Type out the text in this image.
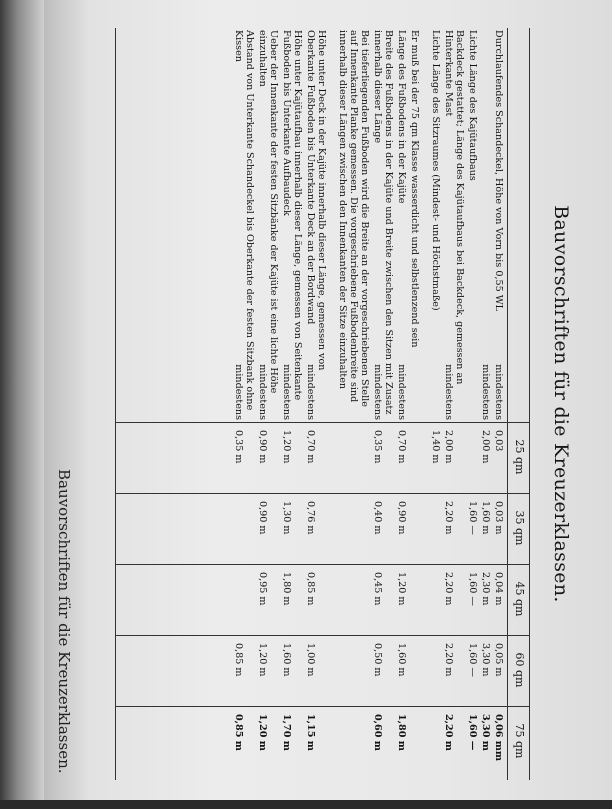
Bauvorschriften für die Kreuzerklassen.
Bauvorschriften für die Kreuzerklassen.
25 qm
35 qm
45 qm
60 qm
75 qm
Durchlaufendes Schandeckel, Höhe von Vorn bis 0,55 WL
mindestens
0,03
0,03 m
0,04 m
0,05 m
0,06 mm
mindestens
2,00 m
1,60 m
2,30 m
3,30 m
3,30 m
Lichte Länge des Kajütaufbaus
1,60 —
1,60 —
1,60 —
1,60 —
Backdeck gestattet; Länge des Kajütaufbaus bei Backdeck, gemessen an Hinterkante Mast
mindestens
2,00 m
2,20 m
2,20 m
2,20 m
2,20 m
Lichte Länge des Sitzraumes (Mindest- und Höchstmaße)
1,40 m
Er muß bei der 75 qm Klasse wasserdicht und selbstlenzend sein
Länge des Fußbodens in der Kajüte
mindestens
0,70 m
0,90 m
1,20 m
1,60 m
1,80 m
Breite des Fußbodens in der Kajüte und Breite zwischen den Sitzen mit Zusatz innerhalb dieser Länge
mindestens
0,35 m
0,40 m
0,45 m
0,50 m
0,60 m
Bei tieferliegenden Fußboden wird die Breite an der vorgeschriebenen Stelle auf Innenkante Planke gemessen. Die vorgeschriebene Fußbodenbreite sind innerhalb dieser Längen zwischen den Innenkanten der Sitze einzuhalten
Höhe unter Deck in der Kajüte innerhalb dieser Länge, gemessen von Oberkante Fußboden bis Unterkante Deck an der Bordwand
mindestens
0,70 m
0,76 m
0,85 m
1,00 m
1,15 m
Höhe unter Kajütaufbau innerhalb dieser Länge, gemessen von Seitenkante Fußboden bis Unterkante Aufbaudeck
mindestens
1,20 m
1,30 m
1,80 m
1,60 m
1,70 m
Ueber der Innenkante der festen Sitzbänke der Kajüte ist eine lichte Höhe einzuhalten
mindestens
0,90 m
0,90 m
0,95 m
1,20 m
1,20 m
Abstand von Unterkante Schandeckel bis Oberkante der festen Sitzbank ohne Kissen
mindestens
0,35 m
0,85 m
0,85 m
